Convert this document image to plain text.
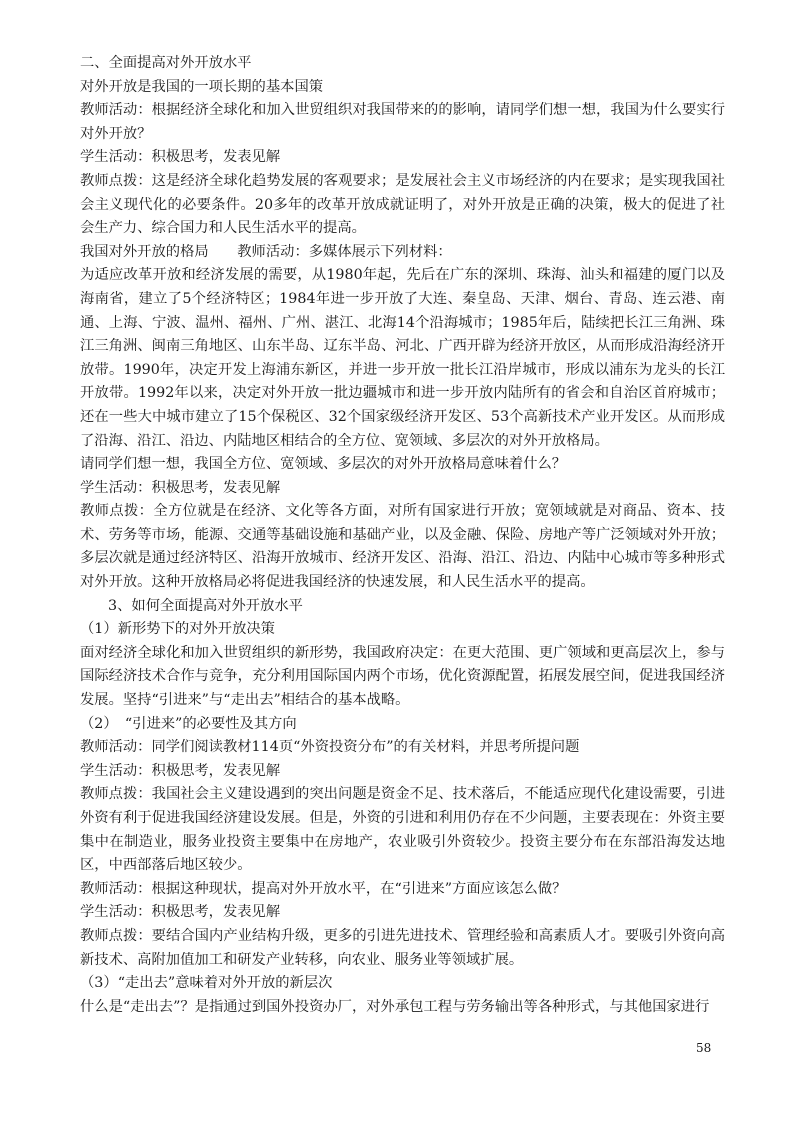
二、全面提高对外开放水平
对外开放是我国的一项长期的基本国策
教师活动：根据经济全球化和加入世贸组织对我国带来的的影响，请同学们想一想，我国为什么要实行对外开放？
学生活动：积极思考，发表见解
教师点拨：这是经济全球化趋势发展的客观要求；是发展社会主义市场经济的内在要求；是实现我国社会主义现代化的必要条件。20多年的改革开放成就证明了，对外开放是正确的决策，极大的促进了社会生产力、综合国力和人民生活水平的提高。
我国对外开放的格局　　教师活动：多媒体展示下列材料：
为适应改革开放和经济发展的需要，从1980年起，先后在广东的深圳、珠海、汕头和福建的厦门以及海南省，建立了5个经济特区；1984年进一步开放了大连、秦皇岛、天津、烟台、青岛、连云港、南通、上海、宁波、温州、福州、广州、湛江、北海14个沿海城市；1985年后，陆续把长江三角洲、珠江三角洲、闽南三角地区、山东半岛、辽东半岛、河北、广西开辟为经济开放区，从而形成沿海经济开放带。1990年，决定开发上海浦东新区，并进一步开放一批长江沿岸城市，形成以浦东为龙头的长江开放带。1992年以来，决定对外开放一批边疆城市和进一步开放内陆所有的省会和自治区首府城市；还在一些大中城市建立了15个保税区、32个国家级经济开发区、53个高新技术产业开发区。从而形成了沿海、沿江、沿边、内陆地区相结合的全方位、宽领域、多层次的对外开放格局。
请同学们想一想，我国全方位、宽领域、多层次的对外开放格局意味着什么？
学生活动：积极思考，发表见解
教师点拨：全方位就是在经济、文化等各方面，对所有国家进行开放；宽领域就是对商品、资本、技术、劳务等市场，能源、交通等基础设施和基础产业，以及金融、保险、房地产等广泛领域对外开放；多层次就是通过经济特区、沿海开放城市、经济开发区、沿海、沿江、沿边、内陆中心城市等多种形式对外开放。这种开放格局必将促进我国经济的快速发展，和人民生活水平的提高。
3、如何全面提高对外开放水平
（1）新形势下的对外开放决策
面对经济全球化和加入世贸组织的新形势，我国政府决定：在更大范围、更广领域和更高层次上，参与国际经济技术合作与竞争，充分利用国际国内两个市场，优化资源配置，拓展发展空间，促进我国经济发展。坚持“引进来”与“走出去”相结合的基本战略。
（2）　“引进来”的必要性及其方向
教师活动：同学们阅读教材114页“外资投资分布”的有关材料，并思考所提问题
学生活动：积极思考，发表见解
教师点拨：我国社会主义建设遇到的突出问题是资金不足、技术落后，不能适应现代化建设需要，引进外资有利于促进我国经济建设发展。但是，外资的引进和利用仍存在不少问题，主要表现在：外资主要集中在制造业，服务业投资主要集中在房地产，农业吸引外资较少。投资主要分布在东部沿海发达地区，中西部落后地区较少。
教师活动：根据这种现状，提高对外开放水平，在“引进来”方面应该怎么做？
学生活动：积极思考，发表见解
教师点拨：要结合国内产业结构升级，更多的引进先进技术、管理经验和高素质人才。要吸引外资向高新技术、高附加值加工和研发产业转移，向农业、服务业等领域扩展。
（3）“走出去”意味着对外开放的新层次
什么是“走出去”？是指通过到国外投资办厂，对外承包工程与劳务输出等各种形式，与其他国家进行
58
